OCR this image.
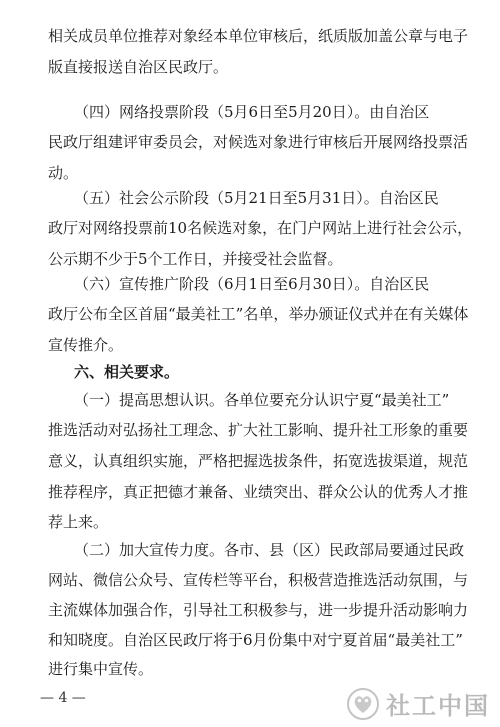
相关成员单位推荐对象经本单位审核后，纸质版加盖公章与电子
版直接报送自治区民政厅。
（四）网络投票阶段（5月6日至5月20日）。由自治区
民政厅组建评审委员会，对候选对象进行审核后开展网络投票活
动。
（五）社会公示阶段（5月21日至5月31日）。自治区民
政厅对网络投票前10名候选对象，在门户网站上进行社会公示，
公示期不少于5个工作日，并接受社会监督。
（六）宣传推广阶段（6月1日至6月30日）。自治区民
政厅公布全区首届“最美社工”名单，举办颁证仪式并在有关媒体
宣传推介。
六、相关要求。
（一）提高思想认识。各单位要充分认识宁夏“最美社工”
推选活动对弘扬社工理念、扩大社工影响、提升社工形象的重要
意义，认真组织实施，严格把握选拔条件，拓宽选拔渠道，规范
推荐程序，真正把德才兼备、业绩突出、群众公认的优秀人才推
荐上来。
（二）加大宣传力度。各市、县（区）民政部局要通过民政
网站、微信公众号、宣传栏等平台，积极营造推选活动氛围，与
主流媒体加强合作，引导社工积极参与，进一步提升活动影响力
和知晓度。自治区民政厅将于6月份集中对宁夏首届“最美社工”
进行集中宣传。
— 4 —	社工中国
